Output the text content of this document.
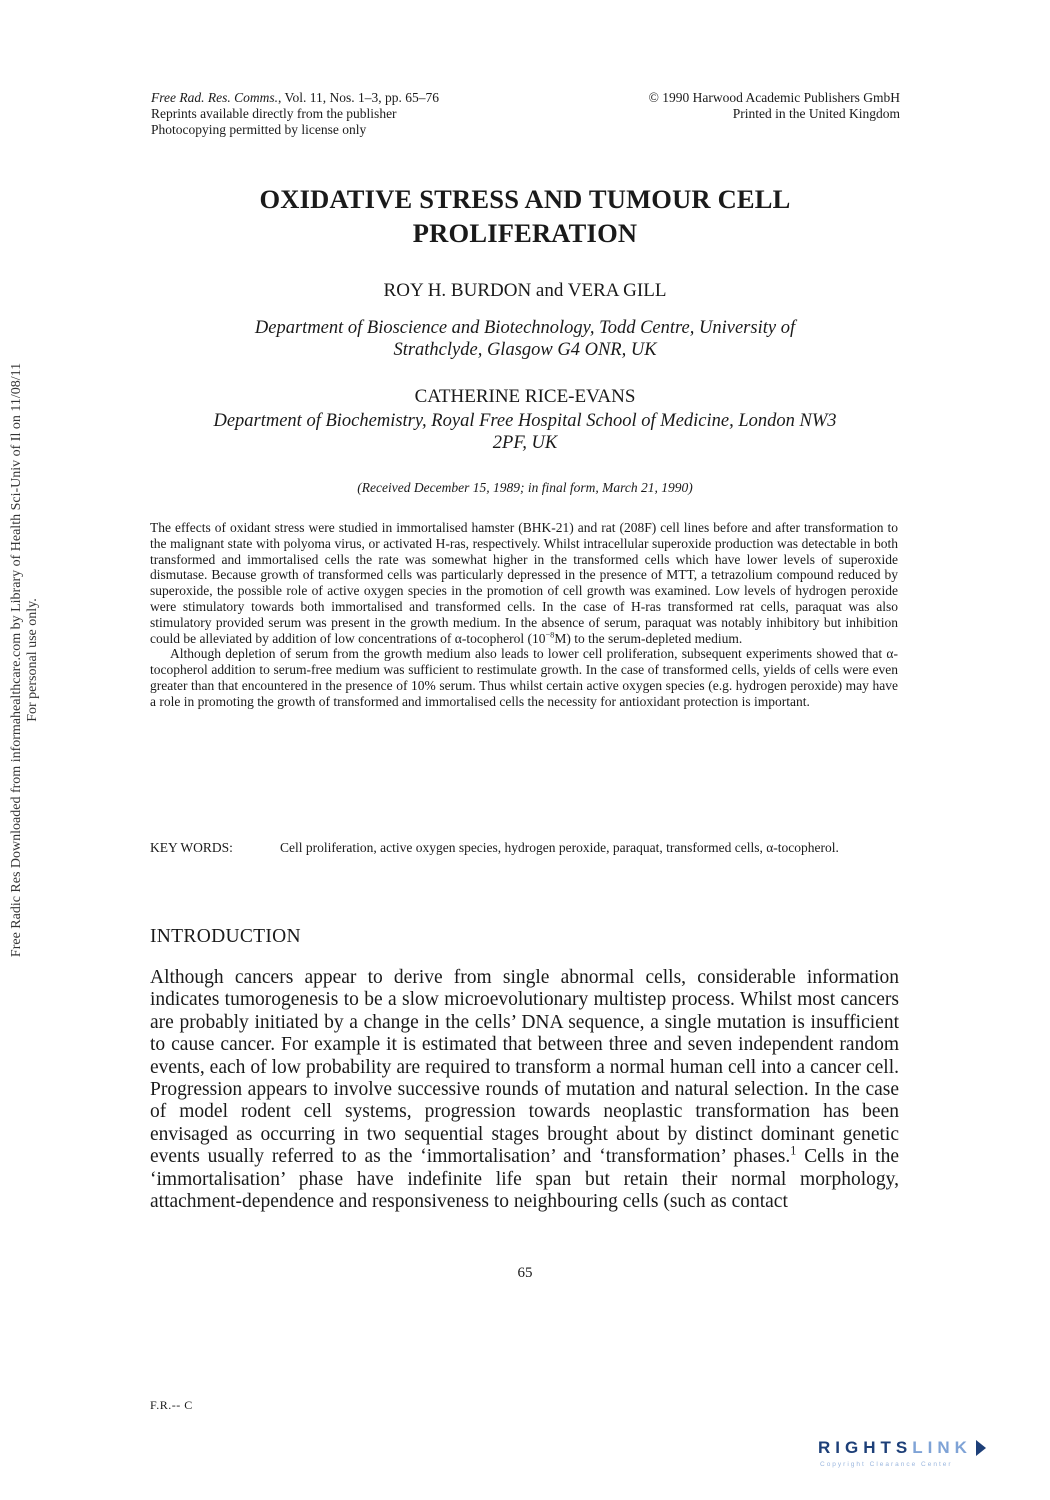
Free Radic Res Downloaded from informahealthcare.com by Library of Health Sci-Univ of Il on 11/08/11 For personal use only.
Free Rad. Res. Comms., Vol. 11, Nos. 1–3, pp. 65–76
Reprints available directly from the publisher
Photocopying permitted by license only
© 1990 Harwood Academic Publishers GmbH
Printed in the United Kingdom
OXIDATIVE STRESS AND TUMOUR CELL
PROLIFERATION
ROY H. BURDON and VERA GILL
Department of Bioscience and Biotechnology, Todd Centre, University of
Strathclyde, Glasgow G4 ONR, UK
CATHERINE RICE-EVANS
Department of Biochemistry, Royal Free Hospital School of Medicine, London NW3
2PF, UK
(Received December 15, 1989; in final form, March 21, 1990)

The effects of oxidant stress were studied in immortalised hamster (BHK-21) and rat (208F) cell lines before and after transformation to the malignant state with polyoma virus, or activated H-ras, respectively. Whilst intracellular superoxide production was detectable in both transformed and immortalised cells the rate was somewhat higher in the transformed cells which have lower levels of superoxide dismutase. Because growth of transformed cells was particularly depressed in the presence of MTT, a tetrazolium compound reduced by superoxide, the possible role of active oxygen species in the promotion of cell growth was examined. Low levels of hydrogen peroxide were stimulatory towards both immortalised and transformed cells. In the case of H-ras transformed rat cells, paraquat was also stimulatory provided serum was present in the growth medium. In the absence of serum, paraquat was notably inhibitory but inhibition could be alleviated by addition of low concentrations of α-tocopherol $(10^{-8}M)$ to the serum-depleted medium.

Although depletion of serum from the growth medium also leads to lower cell proliferation, subsequent experiments showed that α-tocopherol addition to serum-free medium was sufficient to restimulate growth. In the case of transformed cells, yields of cells were even greater than that encountered in the presence of 10% serum. Thus whilst certain active oxygen species (e.g. hydrogen peroxide) may have a role in promoting the growth of transformed and immortalised cells the necessity for antioxidant protection is important.

KEY WORDS:	Cell proliferation, active oxygen species, hydrogen peroxide, paraquat, transformed cells, α-tocopherol.
INTRODUCTION

Although cancers appear to derive from single abnormal cells, considerable information indicates tumorogenesis to be a slow microevolutionary multistep process. Whilst most cancers are probably initiated by a change in the cells’ DNA sequence, a single mutation is insufficient to cause cancer. For example it is estimated that between three and seven independent random events, each of low probability are required to transform a normal human cell into a cancer cell. Progression appears to involve successive rounds of mutation and natural selection. In the case of model rodent cell systems, progression towards neoplastic transformation has been envisaged as occurring in two sequential stages brought about by distinct dominant genetic events usually referred to as the ‘immortalisation’ and ‘transformation’ phases.$^1$ Cells in the ‘immortalisation’ phase have indefinite life span but retain their normal morphology, attachment-dependence and responsiveness to neighbouring cells (such as contact

65
F.R.-- C
RIGHTS LINK
Copyright Clearance Center
